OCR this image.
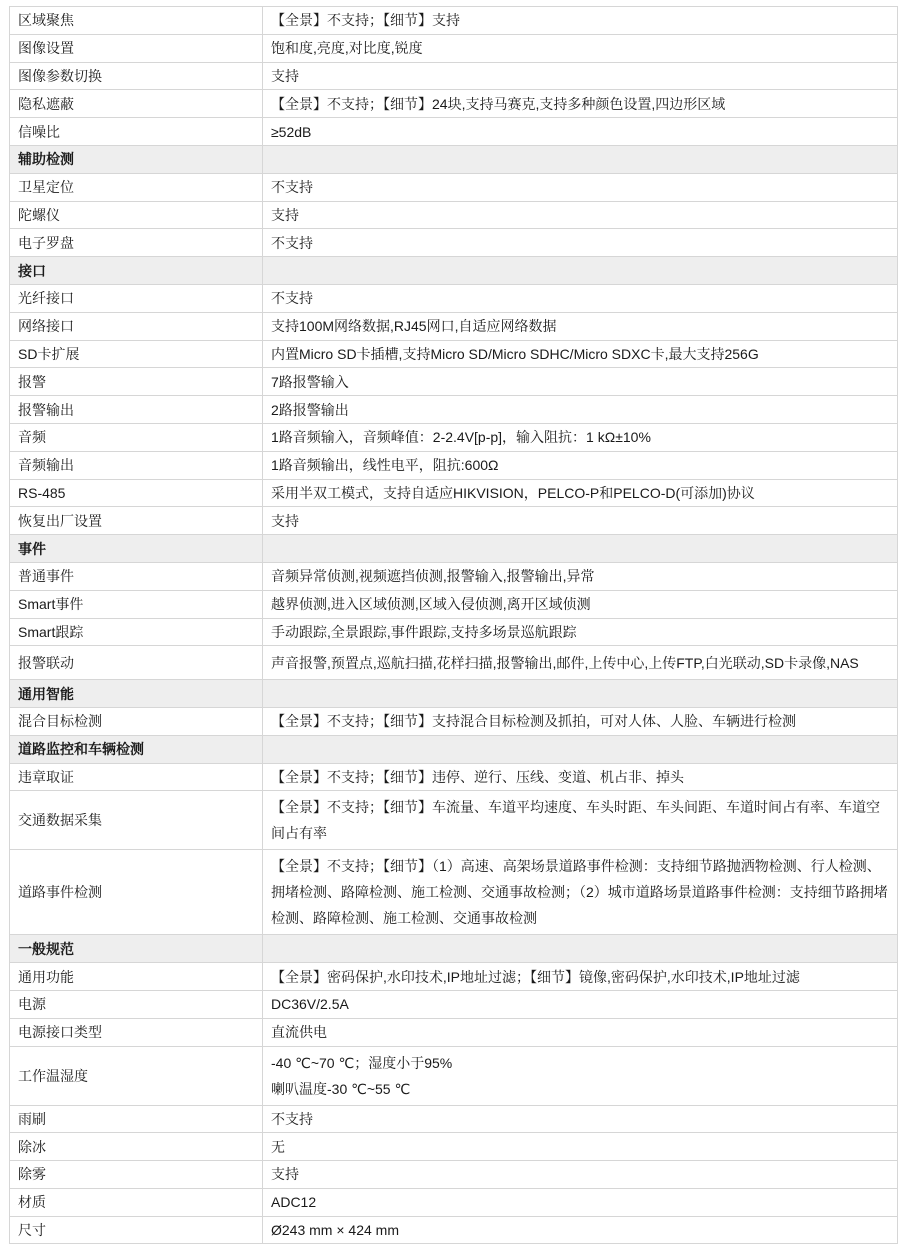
区域聚焦	【全景】不支持；【细节】支持
图像设置	饱和度,亮度,对比度,锐度
图像参数切换	支持
隐私遮蔽	【全景】不支持；【细节】24块,支持马赛克,支持多种颜色设置,四边形区域
信噪比	≥52dB
辅助检测	
卫星定位	不支持
陀螺仪	支持
电子罗盘	不支持
接口	
光纤接口	不支持
网络接口	支持100M网络数据,RJ45网口,自适应网络数据
SD卡扩展	内置Micro SD卡插槽,支持Micro SD/Micro SDHC/Micro SDXC卡,最大支持256G
报警	7路报警输入
报警输出	2路报警输出
音频	1路音频输入，音频峰值：2-2.4V[p-p]，输入阻抗：1 kΩ±10%
音频输出	1路音频输出，线性电平，阻抗:600Ω
RS-485	采用半双工模式，支持自适应HIKVISION，PELCO-P和PELCO-D(可添加)协议
恢复出厂设置	支持
事件	
普通事件	音频异常侦测,视频遮挡侦测,报警输入,报警输出,异常
Smart事件	越界侦测,进入区域侦测,区域入侵侦测,离开区域侦测
Smart跟踪	手动跟踪,全景跟踪,事件跟踪,支持多场景巡航跟踪
报警联动	声音报警,预置点,巡航扫描,花样扫描,报警输出,邮件,上传中心,上传FTP,白光联动,SD卡录像,NAS
通用智能	
混合目标检测	【全景】不支持；【细节】支持混合目标检测及抓拍，可对人体、人脸、车辆进行检测
道路监控和车辆检测	
违章取证	【全景】不支持；【细节】违停、逆行、压线、变道、机占非、掉头
交通数据采集	【全景】不支持；【细节】车流量、车道平均速度、车头时距、车头间距、车道时间占有率、车道空间占有率
道路事件检测	【全景】不支持；【细节】（1）高速、高架场景道路事件检测：支持细节路抛洒物检测、行人检测、拥堵检测、路障检测、施工检测、交通事故检测；（2）城市道路场景道路事件检测：支持细节路拥堵检测、路障检测、施工检测、交通事故检测
一般规范	
通用功能	【全景】密码保护,水印技术,IP地址过滤；【细节】镜像,密码保护,水印技术,IP地址过滤
电源	DC36V/2.5A
电源接口类型	直流供电
工作温湿度	-40 ℃~70 ℃；湿度小于95%
喇叭温度-30 ℃~55 ℃

雨刷	不支持
除冰	无
除雾	支持
材质	ADC12
尺寸	Ø243 mm × 424 mm
